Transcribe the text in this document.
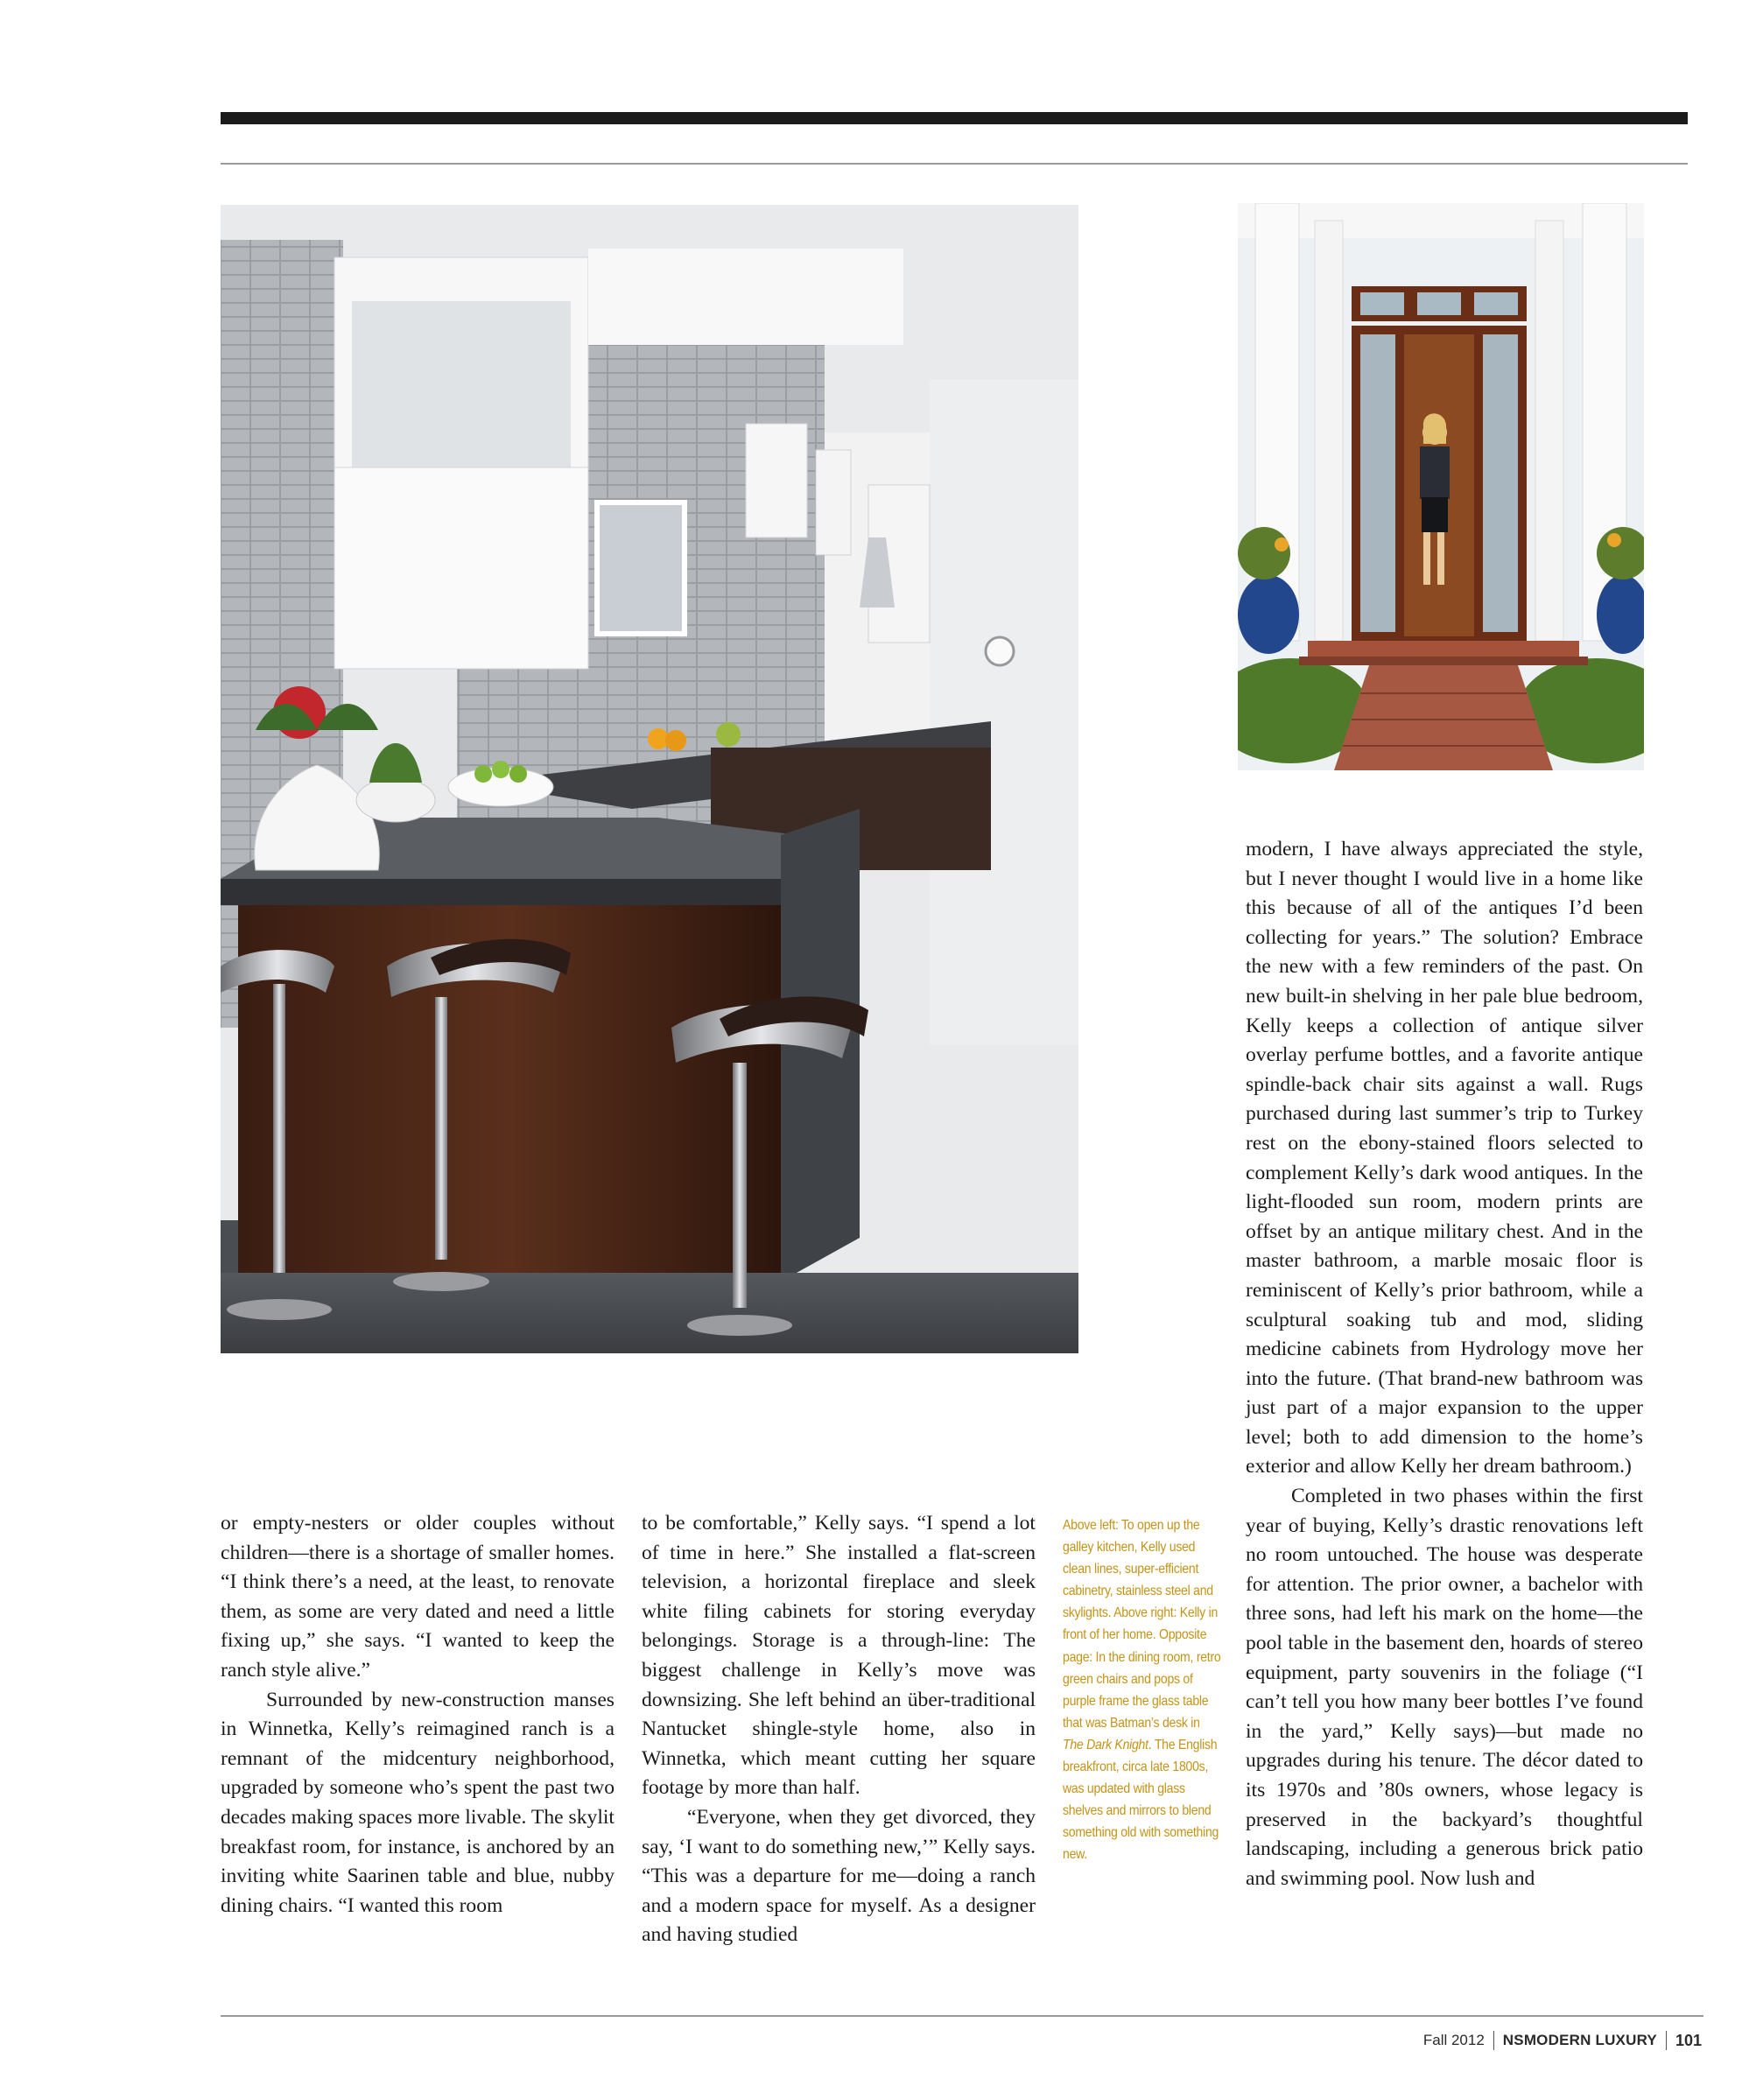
or empty-nesters or older couples without children—there is a shortage of smaller homes. “I think there’s a need, at the least, to renovate them, as some are very dated and need a little fixing up,” she says. “I wanted to keep the ranch style alive.”

Surrounded by new-construction manses in Winnetka, Kelly’s reimagined ranch is a remnant of the midcentury neighborhood, upgraded by someone who’s spent the past two decades making spaces more livable. The skylit breakfast room, for instance, is anchored by an inviting white Saarinen table and blue, nubby dining chairs. “I wanted this room

to be comfortable,” Kelly says. “I spend a lot of time in here.” She installed a flat-screen television, a horizontal fireplace and sleek white filing cabinets for storing everyday belongings. Storage is a through-line: The biggest challenge in Kelly’s move was downsizing. She left behind an über-traditional Nantucket shingle-style home, also in Winnetka, which meant cutting her square footage by more than half.

“Everyone, when they get divorced, they say, ‘I want to do something new,’” Kelly says. “This was a departure for me—doing a ranch and a modern space for myself. As a designer and having studied

Above left: To open up the galley kitchen, Kelly used clean lines, super-efficient cabinetry, stainless steel and skylights. Above right: Kelly in front of her home. Opposite page: In the dining room, retro green chairs and pops of purple frame the glass table that was Batman’s desk in The Dark Knight. The English breakfront, circa late 1800s, was updated with glass shelves and mirrors to blend something old with something new.

modern, I have always appreciated the style, but I never thought I would live in a home like this because of all of the antiques I’d been collecting for years.” The solution? Embrace the new with a few reminders of the past. On new built-in shelving in her pale blue bedroom, Kelly keeps a collection of antique silver overlay perfume bottles, and a favorite antique spindle-back chair sits against a wall. Rugs purchased during last summer’s trip to Turkey rest on the ebony-stained floors selected to complement Kelly’s dark wood antiques. In the light-flooded sun room, modern prints are offset by an antique military chest. And in the master bathroom, a marble mosaic floor is reminiscent of Kelly’s prior bathroom, while a sculptural soaking tub and mod, sliding medicine cabinets from Hydrology move her into the future. (That brand-new bathroom was just part of a major expansion to the upper level; both to add dimension to the home’s exterior and allow Kelly her dream bathroom.)

Completed in two phases within the first year of buying, Kelly’s drastic renovations left no room untouched. The house was desperate for attention. The prior owner, a bachelor with three sons, had left his mark on the home—the pool table in the basement den, hoards of stereo equipment, party souvenirs in the foliage (“I can’t tell you how many beer bottles I’ve found in the yard,” Kelly says)—but made no upgrades during his tenure. The décor dated to its 1970s and ’80s owners, whose legacy is preserved in the backyard’s thoughtful landscaping, including a generous brick patio and swimming pool. Now lush and

Fall 2012 NSMODERN LUXURY 101
